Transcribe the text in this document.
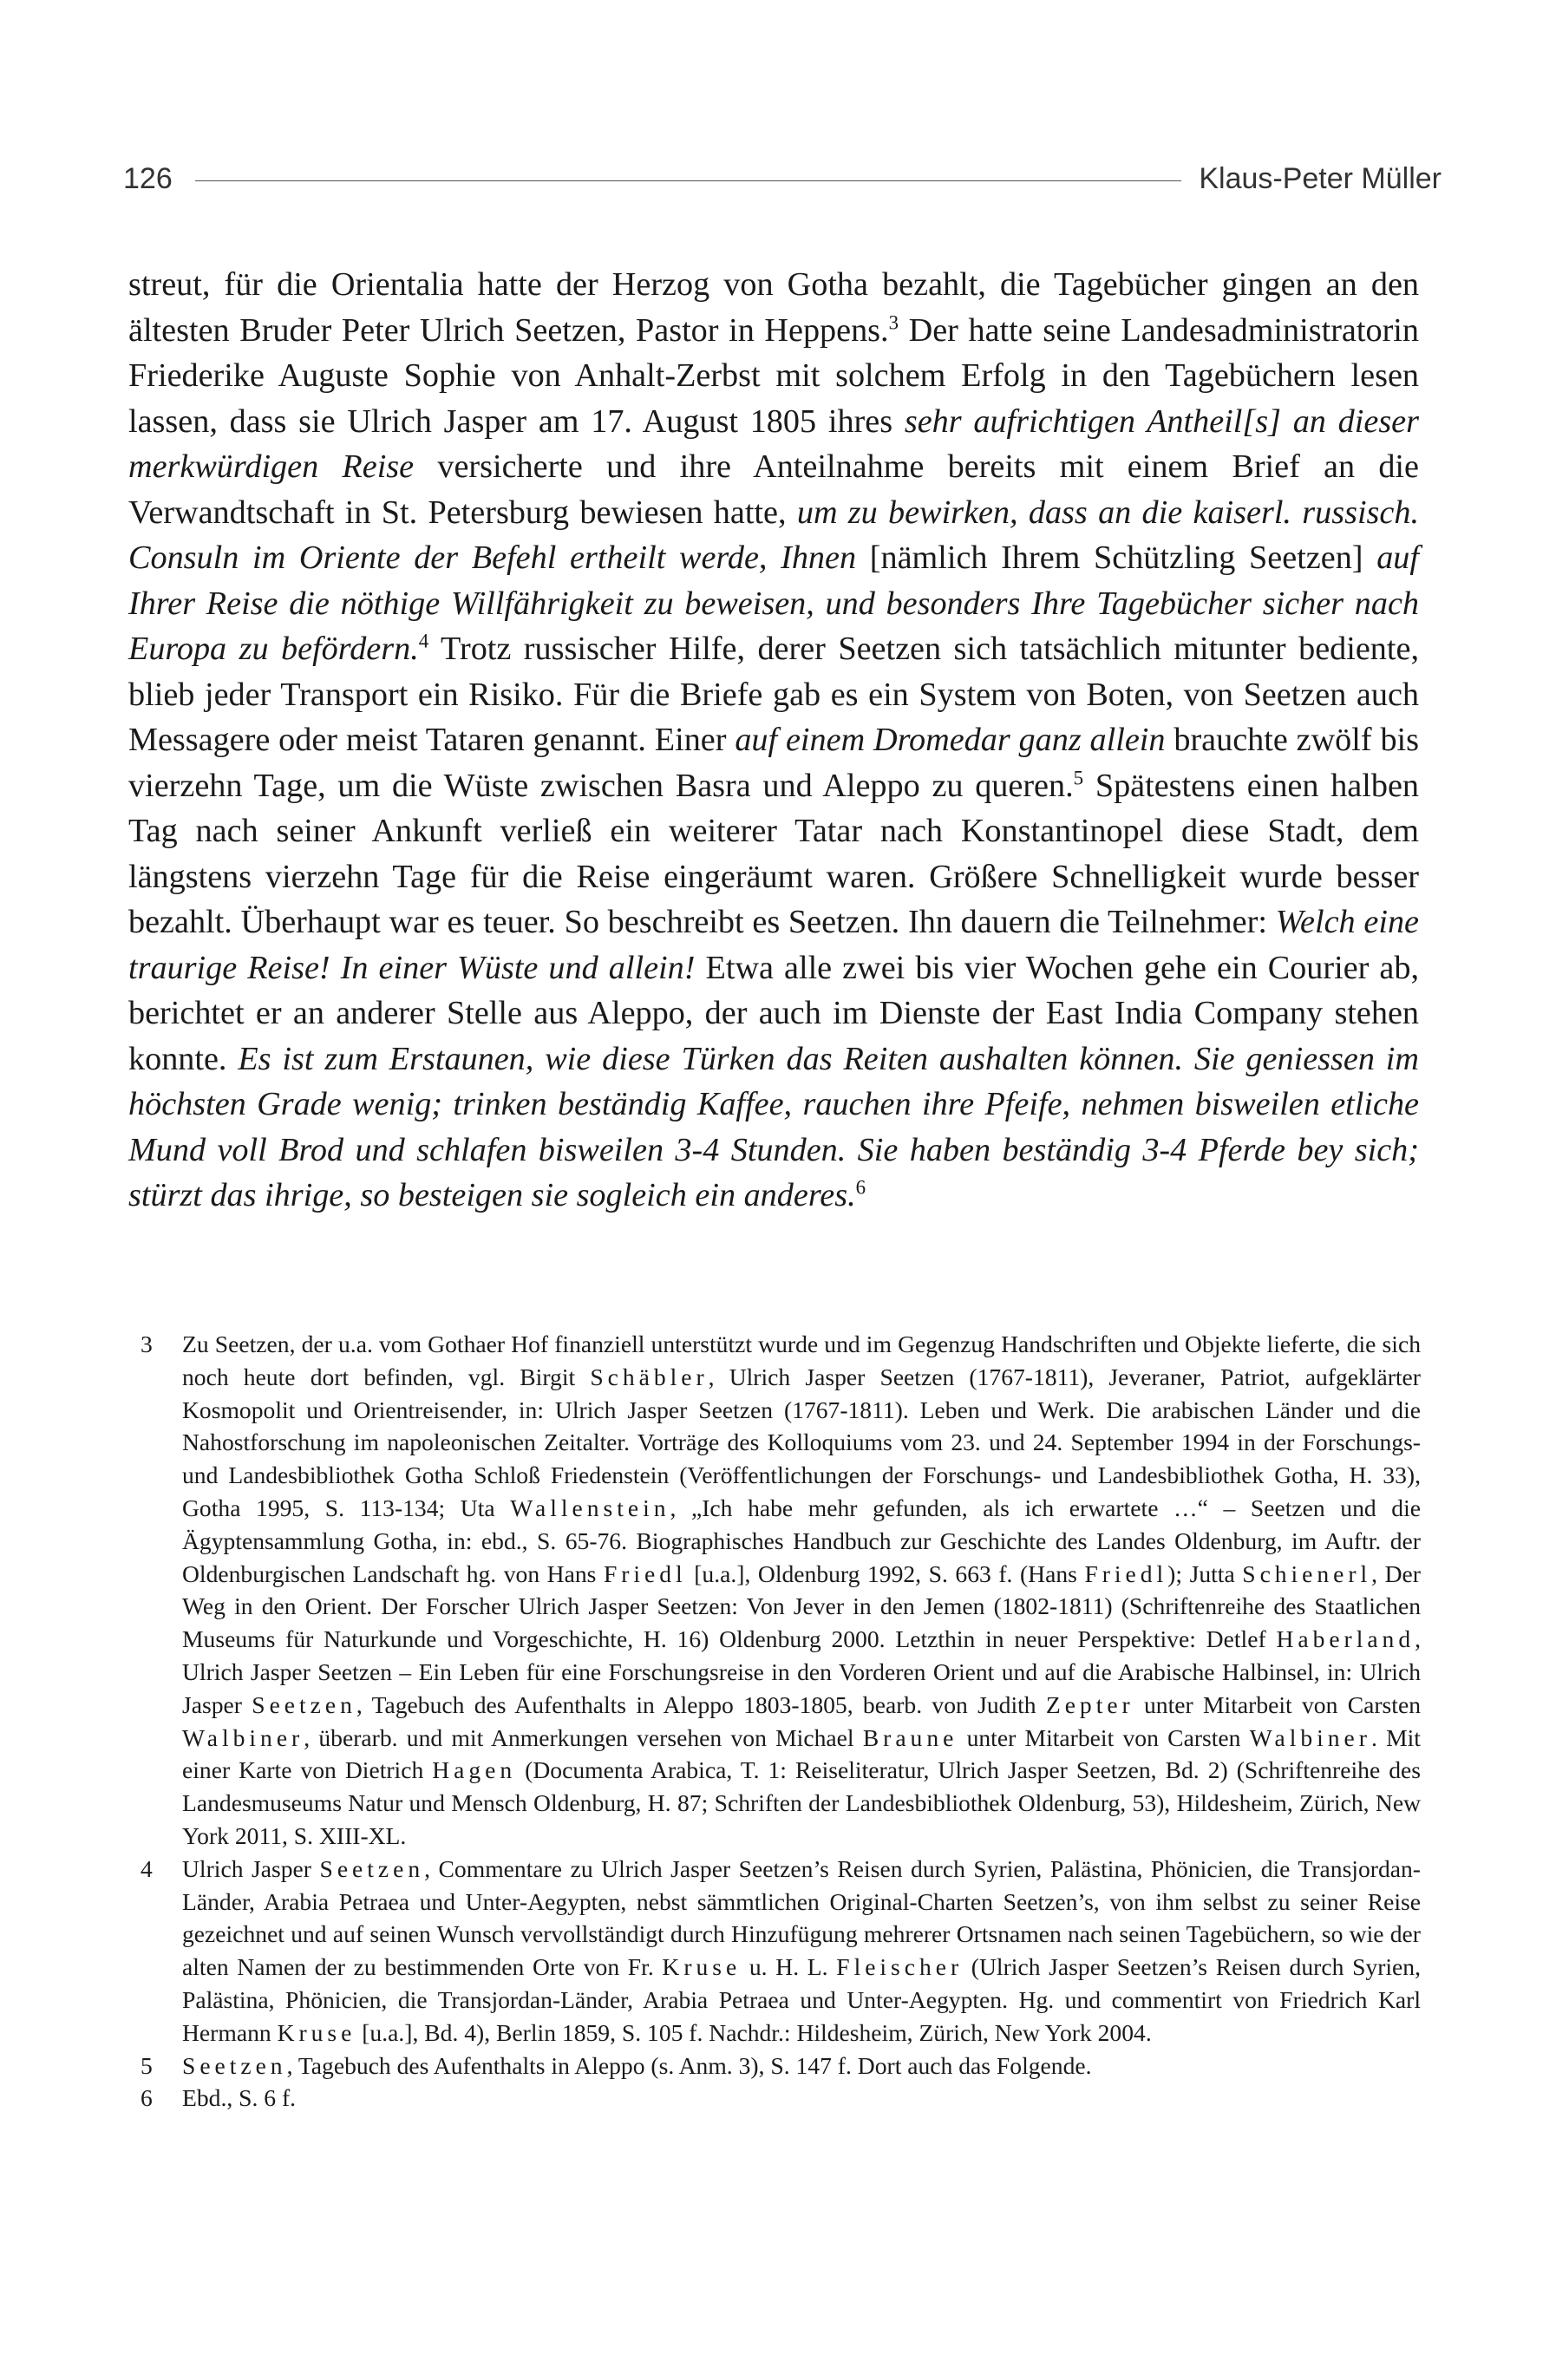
126	Klaus-Peter Müller

streut, für die Orientalia hatte der Herzog von Gotha bezahlt, die Tagebücher gingen an den ältesten Bruder Peter Ulrich Seetzen, Pastor in Heppens.$^3$ Der hatte seine Landesadministratorin Friederike Auguste Sophie von Anhalt-Zerbst mit solchem Erfolg in den Tagebüchern lesen lassen, dass sie Ulrich Jasper am 17. August 1805 ihres sehr aufrichtigen Antheil[s] an dieser merkwürdigen Reise versicherte und ihre Anteilnahme bereits mit einem Brief an die Verwandtschaft in St. Petersburg bewiesen hatte, um zu bewirken, dass an die kaiserl. russisch. Consuln im Oriente der Befehl ertheilt werde, Ihnen [nämlich Ihrem Schützling Seetzen] auf Ihrer Reise die nöthige Willfährigkeit zu beweisen, und besonders Ihre Tagebücher sicher nach Europa zu befördern.$^4$ Trotz russischer Hilfe, derer Seetzen sich tatsächlich mitunter bediente, blieb jeder Transport ein Risiko. Für die Briefe gab es ein System von Boten, von Seetzen auch Messagere oder meist Tataren genannt. Einer auf einem Dromedar ganz allein brauchte zwölf bis vierzehn Tage, um die Wüste zwischen Basra und Aleppo zu queren.$^5$ Spätestens einen halben Tag nach seiner Ankunft verließ ein weiterer Tatar nach Konstantinopel diese Stadt, dem längstens vierzehn Tage für die Reise eingeräumt waren. Größere Schnelligkeit wurde besser bezahlt. Überhaupt war es teuer. So beschreibt es Seetzen. Ihn dauern die Teilnehmer: Welch eine traurige Reise! In einer Wüste und allein! Etwa alle zwei bis vier Wochen gehe ein Courier ab, berichtet er an anderer Stelle aus Aleppo, der auch im Dienste der East India Company stehen konnte. Es ist zum Erstaunen, wie diese Türken das Reiten aushalten können. Sie geniessen im höchsten Grade wenig; trinken beständig Kaffee, rauchen ihre Pfeife, nehmen bisweilen etliche Mund voll Brod und schlafen bisweilen 3-4 Stunden. Sie haben beständig 3-4 Pferde bey sich; stürzt das ihrige, so besteigen sie sogleich ein anderes.$^6$

3	Zu Seetzen, der u.a. vom Gothaer Hof finanziell unterstützt wurde und im Gegenzug Handschriften und Objekte lieferte, die sich noch heute dort befinden, vgl. Birgit Schäbler, Ulrich Jasper Seetzen (1767-1811), Jeveraner, Patriot, aufgeklärter Kosmopolit und Orientreisender, in: Ulrich Jasper Seetzen (1767-1811). Leben und Werk. Die arabischen Länder und die Nahostforschung im napoleonischen Zeitalter. Vorträge des Kolloquiums vom 23. und 24. September 1994 in der Forschungs- und Landesbibliothek Gotha Schloß Friedenstein (Veröffentlichungen der Forschungs- und Landesbibliothek Gotha, H. 33), Gotha 1995, S. 113-134; Uta Wallenstein, „Ich habe mehr gefunden, als ich erwartete …“ – Seetzen und die Ägyptensammlung Gotha, in: ebd., S. 65-76. Biographisches Handbuch zur Geschichte des Landes Oldenburg, im Auftr. der Oldenburgischen Landschaft hg. von Hans Friedl [u.a.], Oldenburg 1992, S. 663 f. (Hans Friedl); Jutta Schienerl, Der Weg in den Orient. Der Forscher Ulrich Jasper Seetzen: Von Jever in den Jemen (1802-1811) (Schriftenreihe des Staatlichen Museums für Naturkunde und Vorgeschichte, H. 16) Oldenburg 2000. Letzthin in neuer Perspektive: Detlef Haberland, Ulrich Jasper Seetzen – Ein Leben für eine Forschungsreise in den Vorderen Orient und auf die Arabische Halbinsel, in: Ulrich Jasper Seetzen, Tagebuch des Aufenthalts in Aleppo 1803-1805, bearb. von Judith Zepter unter Mitarbeit von Carsten Walbiner, überarb. und mit Anmerkungen versehen von Michael Braune unter Mitarbeit von Carsten Walbiner. Mit einer Karte von Dietrich Hagen (Documenta Arabica, T. 1: Reiseliteratur, Ulrich Jasper Seetzen, Bd. 2) (Schriftenreihe des Landesmuseums Natur und Mensch Oldenburg, H. 87; Schriften der Landesbibliothek Oldenburg, 53), Hildesheim, Zürich, New York 2011, S. XIII-XL.
4	Ulrich Jasper Seetzen, Commentare zu Ulrich Jasper Seetzen’s Reisen durch Syrien, Palästina, Phönicien, die Transjordan-Länder, Arabia Petraea und Unter-Aegypten, nebst sämmtlichen Original-Charten Seetzen’s, von ihm selbst zu seiner Reise gezeichnet und auf seinen Wunsch vervollständigt durch Hinzufügung mehrerer Ortsnamen nach seinen Tagebüchern, so wie der alten Namen der zu bestimmenden Orte von Fr. Kruse u. H. L. Fleischer (Ulrich Jasper Seetzen’s Reisen durch Syrien, Palästina, Phönicien, die Transjordan-Länder, Arabia Petraea und Unter-Aegypten. Hg. und commentirt von Friedrich Karl Hermann Kruse [u.a.], Bd. 4), Berlin 1859, S. 105 f. Nachdr.: Hildesheim, Zürich, New York 2004.
5	Seetzen, Tagebuch des Aufenthalts in Aleppo (s. Anm. 3), S. 147 f. Dort auch das Folgende.
6	Ebd., S. 6 f.
